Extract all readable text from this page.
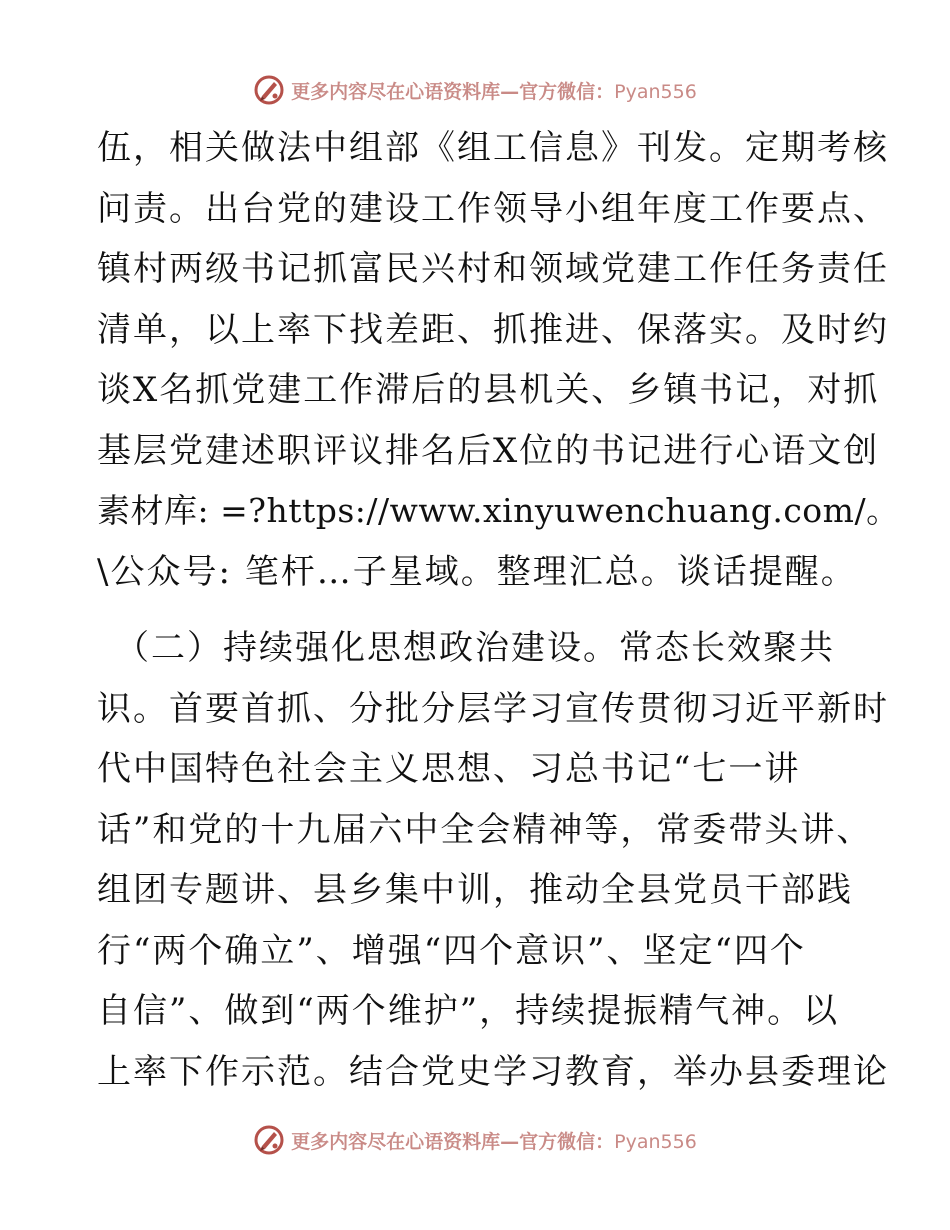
更多内容尽在心语资料库—官方微信：Pyan556
伍，相关做法中组部《组工信息》刊发。定期考核
问责。出台党的建设工作领导小组年度工作要点、
镇村两级书记抓富民兴村和领域党建工作任务责任
清单，以上率下找差距、抓推进、保落实。及时约
谈X名抓党建工作滞后的县机关、乡镇书记，对抓
基层党建述职评议排名后X位的书记进行心语文创
素材库: =?https://www.xinyuwenchuang.com/。
\公众号: 笔杆…子星域。整理汇总。谈话提醒。
（二）持续强化思想政治建设。常态长效聚共
识。首要首抓、分批分层学习宣传贯彻习近平新时
代中国特色社会主义思想、习总书记“七一讲
话”和党的十九届六中全会精神等，常委带头讲、
组团专题讲、县乡集中训，推动全县党员干部践
行“两个确立”、增强“四个意识”、坚定“四个
自信”、做到“两个维护”，持续提振精气神。以
上率下作示范。结合党史学习教育，举办县委理论
更多内容尽在心语资料库—官方微信：Pyan556
